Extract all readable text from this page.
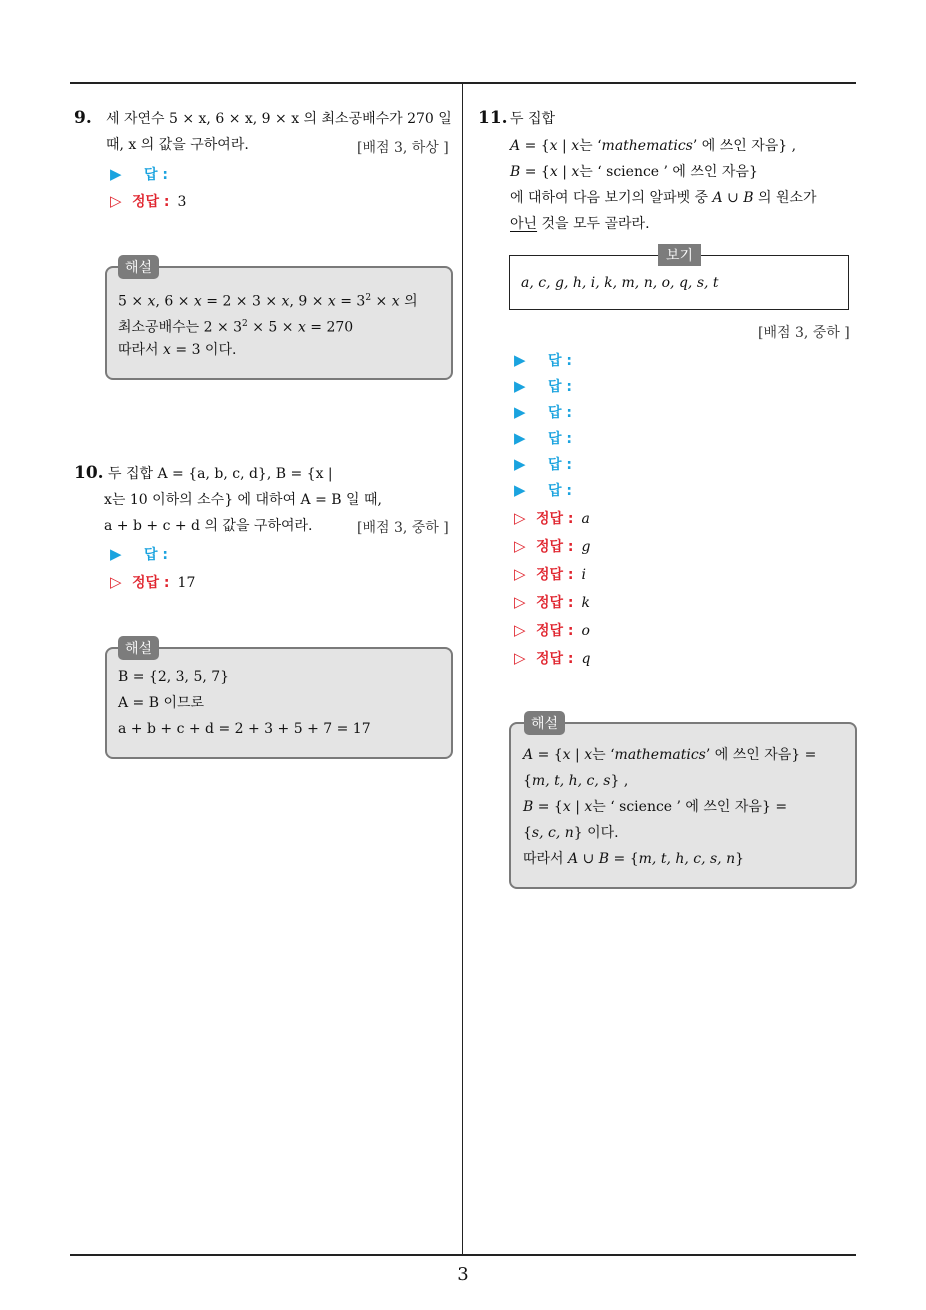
9. 세 자연수 5 × x, 6 × x, 9 × x 의 최소공배수가 270 일
때, x 의 값을 구하여라.	[배점 3, 하상 ]
▶ 답 :
▷ 정답 : 3
해설
5 × x, 6 × x = 2 × 3 × x, $9 \times x = 3^2 \times x$ 의
최소공배수는 $2 \times 3^2 \times 5 \times x = 270$
따라서 x = 3 이다.
10. 두 집합 A = {a, b, c, d}, B = {x |
x는 10 이하의 소수} 에 대하여 A = B 일 때,
a + b + c + d 의 값을 구하여라.	[배점 3, 중하 ]
▶ 답 :
▷ 정답 : 17
해설
B = {2, 3, 5, 7}
A = B 이므로
a + b + c + d = 2 + 3 + 5 + 7 = 17
11. 두 집합
A = {x | x는 ‘mathematics’ 에 쓰인 자음} ,
B = {x | x는 ‘ science ’ 에 쓰인 자음}
에 대하여 다음 보기의 알파벳 중 A ∪ B 의 원소가
아닌 것을 모두 골라라.
보기
a, c, g, h, i, k, m, n, o, q, s, t
[배점 3, 중하 ]
▶ 답 :
▶ 답 :
▶ 답 :
▶ 답 :
▶ 답 :
▶ 답 :
▷ 정답 : a
▷ 정답 : g
▷ 정답 : i
▷ 정답 : k
▷ 정답 : o
▷ 정답 : q
해설
A = {x | x는 ‘mathematics’ 에 쓰인 자음} =
{m, t, h, c, s} ,
B = {x | x는 ‘ science ’ 에 쓰인 자음} =
{s, c, n} 이다.
따라서 A ∪ B = {m, t, h, c, s, n}
3
